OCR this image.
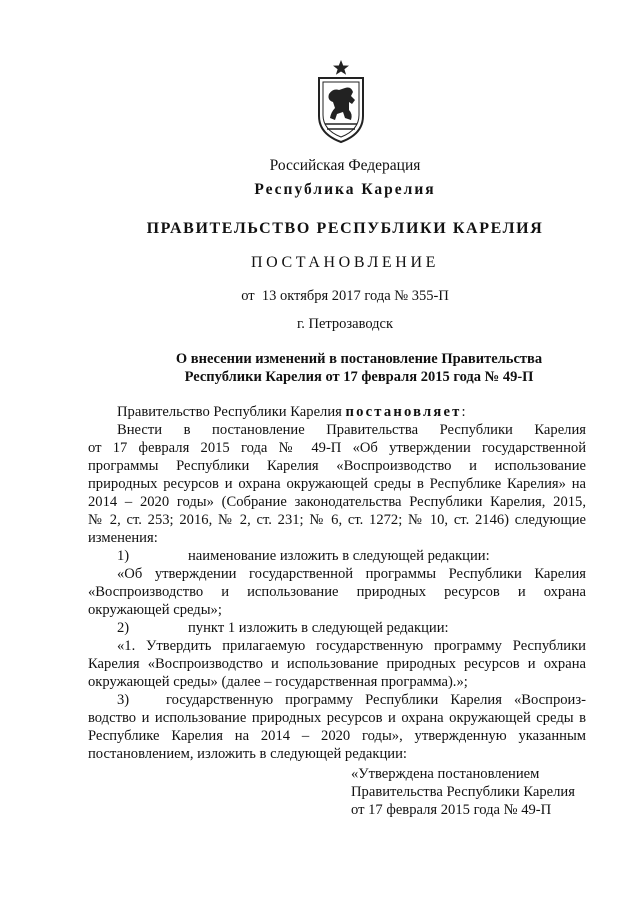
Российская Федерация
Республика Карелия
ПРАВИТЕЛЬСТВО РЕСПУБЛИКИ КАРЕЛИЯ
ПОСТАНОВЛЕНИЕ
от  13 октября 2017 года № 355-П
г. Петрозаводск
О внесении изменений в постановление Правительства
Республики Карелия от 17 февраля 2015 года № 49-П
Правительство Республики Карелия постановляет:
Внести в постановление Правительства Республики Карелия
от 17 февраля 2015 года № 49-П «Об утверждении государственной
программы Республики Карелия «Воспроизводство и использование
природных ресурсов и охрана окружающей среды в Республике Карелия» на
2014 – 2020 годы» (Собрание законодательства Республики Карелия, 2015,
№ 2, ст. 253; 2016, № 2, ст. 231; № 6, ст. 1272; № 10, ст. 2146) следующие
изменения:
1)	наименование изложить в следующей редакции:
«Об утверждении государственной программы Республики Карелия
«Воспроизводство и использование природных ресурсов и охрана
окружающей среды»;
2)	пункт 1 изложить в следующей редакции:
«1. Утвердить прилагаемую государственную программу Республики
Карелия «Воспроизводство и использование природных ресурсов и охрана
окружающей среды» (далее – государственная программа).»;
3)	государственную программу Республики Карелия «Воспроиз-
водство и использование природных ресурсов и охрана окружающей среды в
Республике Карелия на 2014 – 2020 годы», утвержденную указанным
постановлением, изложить в следующей редакции:
«Утверждена постановлением
Правительства Республики Карелия
от 17 февраля 2015 года № 49-П
